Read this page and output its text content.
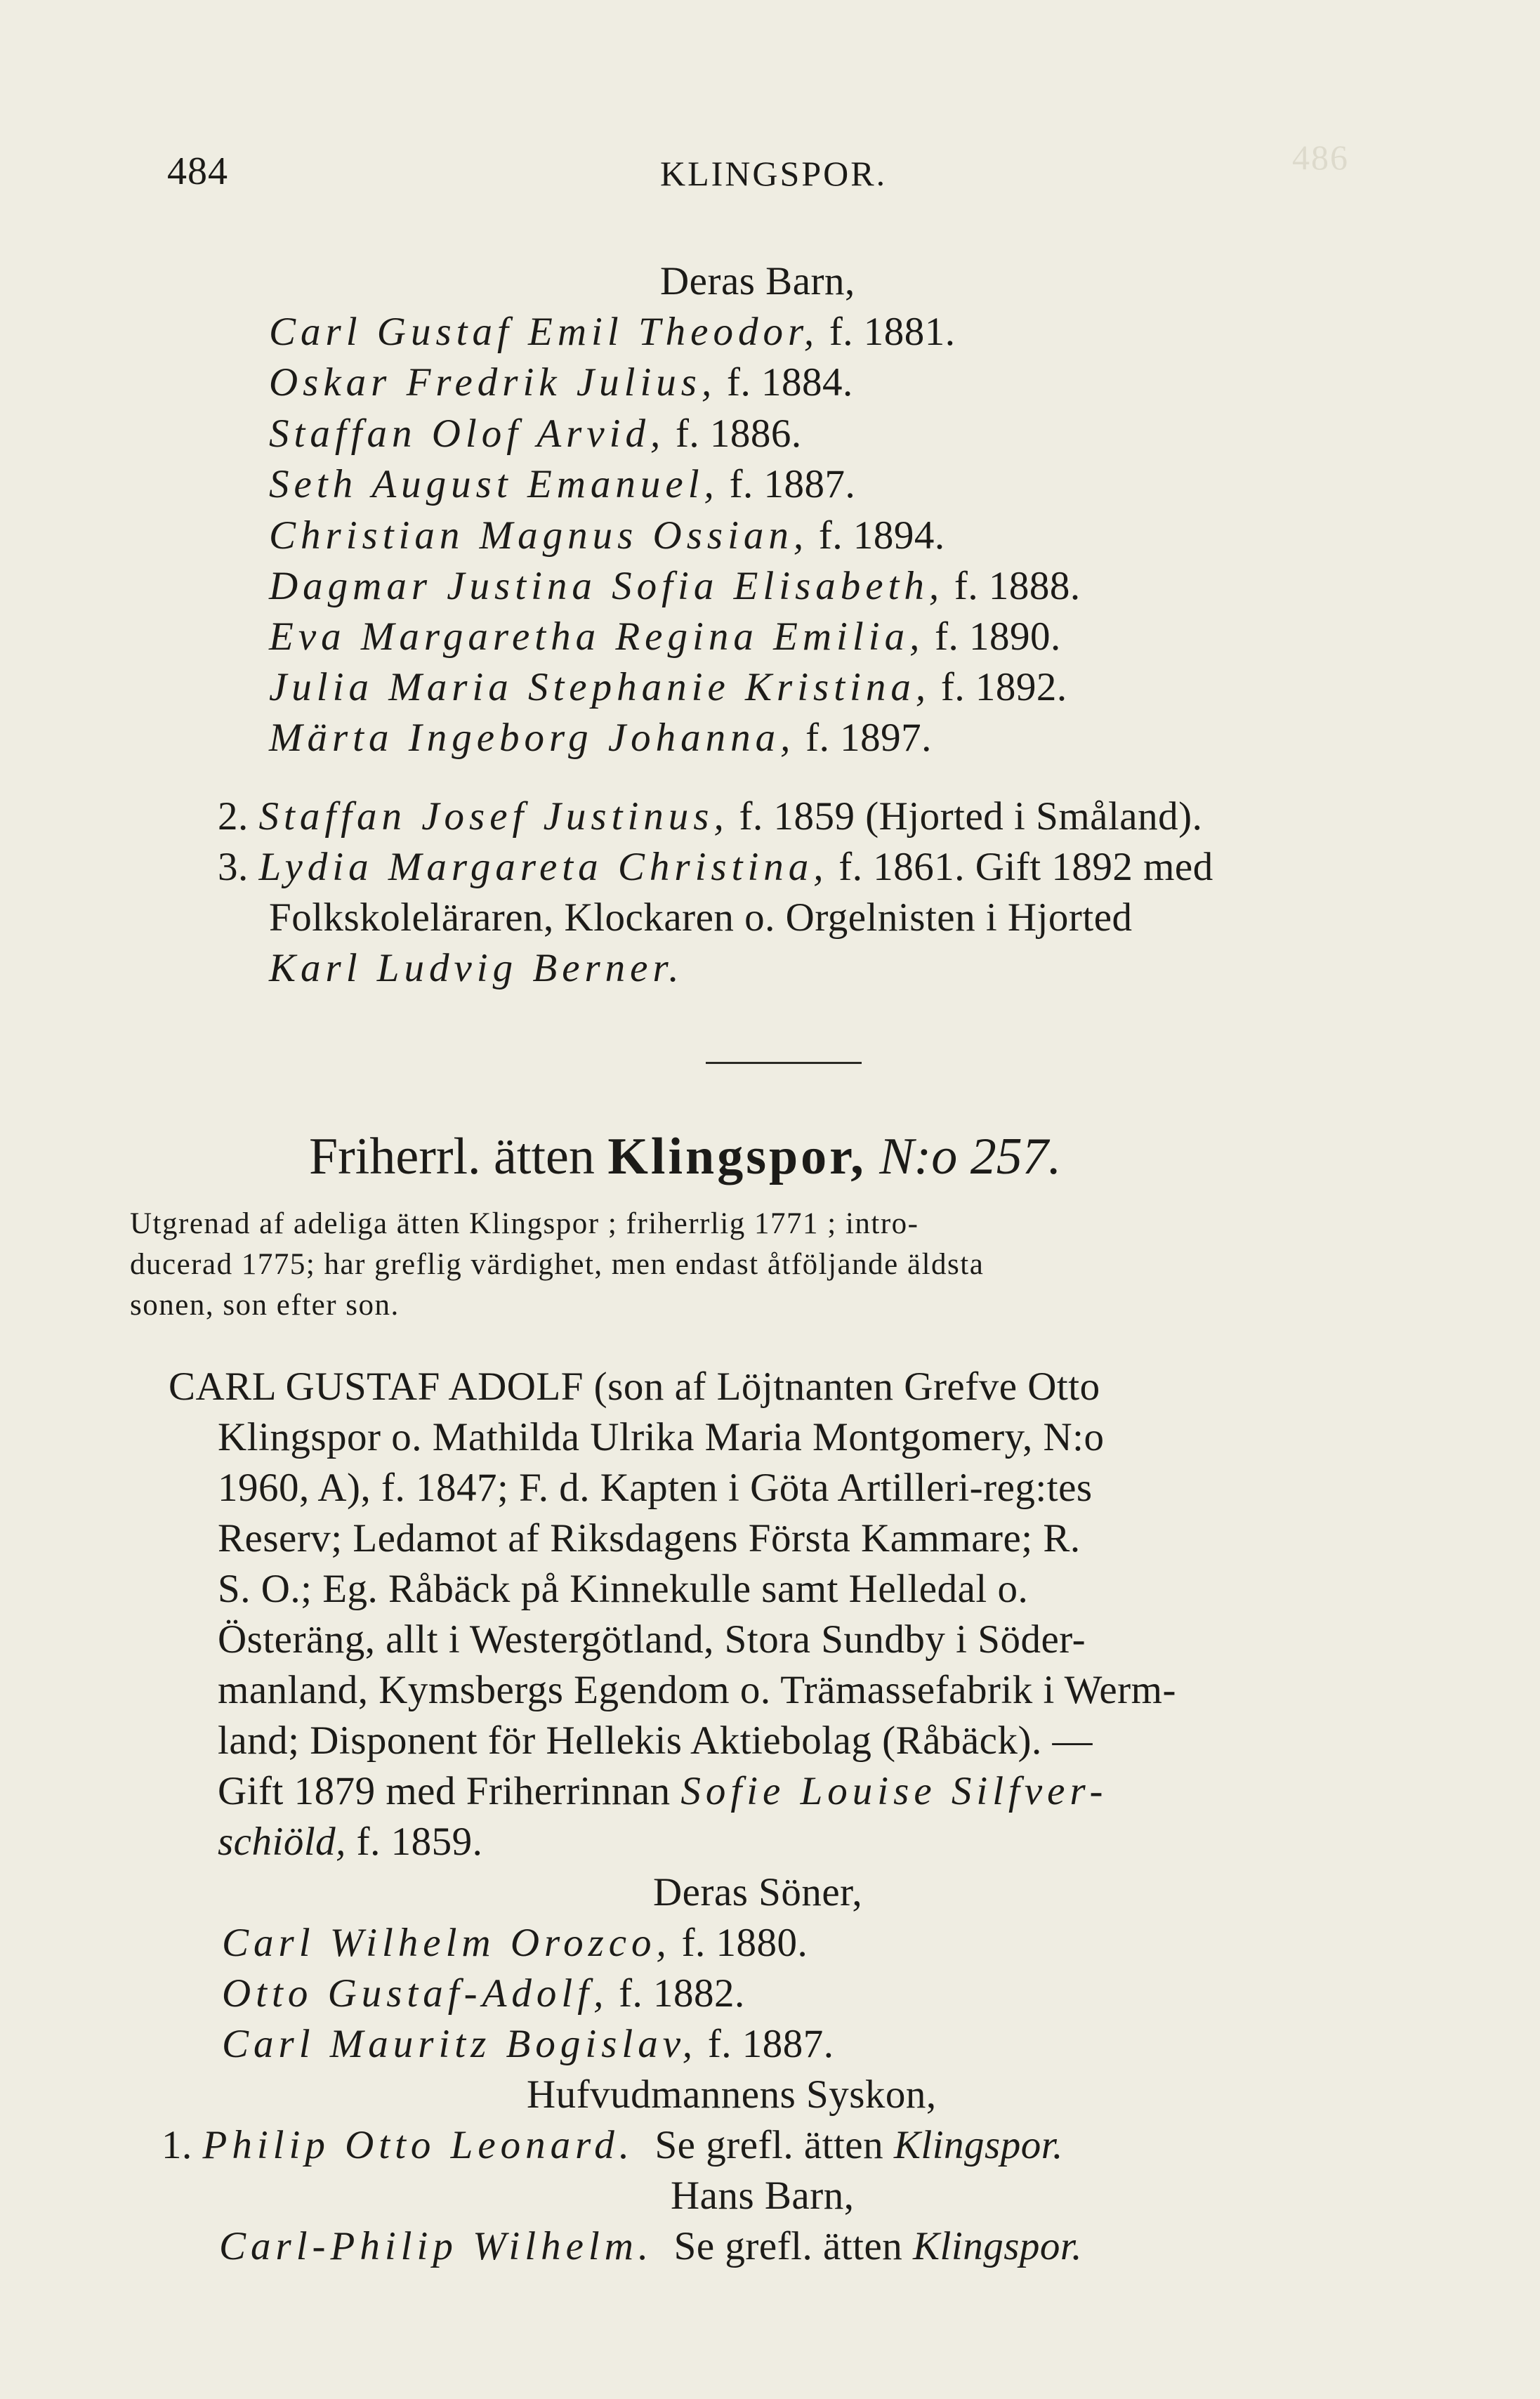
486
484	KLINGSPOR.
Deras Barn,
Carl Gustaf Emil Theodor, f. 1881.
Oskar Fredrik Julius, f. 1884.
Staffan Olof Arvid, f. 1886.
Seth August Emanuel, f. 1887.
Christian Magnus Ossian, f. 1894.
Dagmar Justina Sofia Elisabeth, f. 1888.
Eva Margaretha Regina Emilia, f. 1890.
Julia Maria Stephanie Kristina, f. 1892.
Märta Ingeborg Johanna, f. 1897.
2. Staffan Josef Justinus, f. 1859 (Hjorted i Småland).
3. Lydia Margareta Christina, f. 1861. Gift 1892 med
Folkskoleläraren, Klockaren o. Orgelnisten i Hjorted
Karl Ludvig Berner.
Friherrl. ätten Klingspor, N:o 257.
Utgrenad af adeliga ätten Klingspor ; friherrlig 1771 ; intro-
ducerad 1775; har greflig värdighet, men endast åtföljande äldsta
sonen, son efter son.
CARL GUSTAF ADOLF (son af Löjtnanten Grefve Otto
Klingspor o. Mathilda Ulrika Maria Montgomery, N:o
1960, A), f. 1847; F. d. Kapten i Göta Artilleri-reg:tes
Reserv; Ledamot af Riksdagens Första Kammare; R.
S. O.; Eg. Råbäck på Kinnekulle samt Helledal o.
Österäng, allt i Westergötland, Stora Sundby i Söder-
manland, Kymsbergs Egendom o. Trämassefabrik i Werm-
land; Disponent för Hellekis Aktiebolag (Råbäck). —
Gift 1879 med Friherrinnan Sofie Louise Silfver-
schiöld, f. 1859.
Deras Söner,
Carl Wilhelm Orozco, f. 1880.
Otto Gustaf-Adolf, f. 1882.
Carl Mauritz Bogislav, f. 1887.
Hufvudmannens Syskon,
1. Philip Otto Leonard. Se grefl. ätten Klingspor.
Hans Barn,
Carl-Philip Wilhelm. Se grefl. ätten Klingspor.
